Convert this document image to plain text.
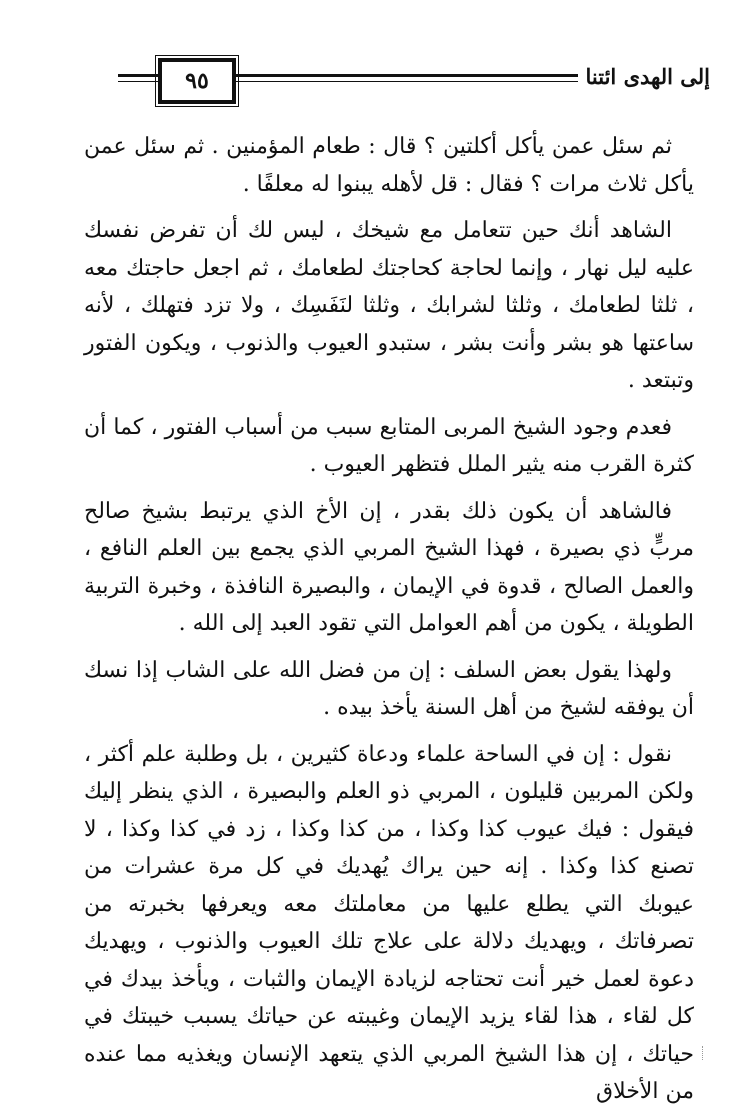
٩٥	إلى الهدى ائتنا

ثم سئل عمن يأكل أكلتين ؟ قال : طعام المؤمنين . ثم سئل عمن يأكل ثلاث مرات ؟ فقال : قل لأهله يبنوا له معلفًا .

الشاهد أنك حين تتعامل مع شيخك ، ليس لك أن تفرض نفسك عليه ليل نهار ، وإنما لحاجة كحاجتك لطعامك ، ثم اجعل حاجتك معه ، ثلثا لطعامك ، وثلثا لشرابك ، وثلثا لنَفَسِك ، ولا تزد فتهلك ، لأنه ساعتها هو بشر وأنت بشر ، ستبدو العيوب والذنوب ، ويكون الفتور وتبتعد .

فعدم وجود الشيخ المربى المتابع سبب من أسباب الفتور ، كما أن كثرة القرب منه يثير الملل فتظهر العيوب .

فالشاهد أن يكون ذلك بقدر ، إن الأخ الذي يرتبط بشيخ صالح مربٍّ ذي بصيرة ، فهذا الشيخ المربي الذي يجمع بين العلم النافع ، والعمل الصالح ، قدوة في الإيمان ، والبصيرة النافذة ، وخبرة التربية الطويلة ، يكون من أهم العوامل التي تقود العبد إلى الله .

ولهذا يقول بعض السلف : إن من فضل الله على الشاب إذا نسك أن يوفقه لشيخ من أهل السنة يأخذ بيده .

نقول : إن في الساحة علماء ودعاة كثيرين ، بل وطلبة علم أكثر ، ولكن المربين قليلون ، المربي ذو العلم والبصيرة ، الذي ينظر إليك فيقول : فيك عيوب كذا وكذا ، من كذا وكذا ، زد في كذا وكذا ، لا تصنع كذا وكذا . إنه حين يراك يُهديك في كل مرة عشرات من عيوبك التي يطلع عليها من معاملتك معه ويعرفها بخبرته من تصرفاتك ، ويهديك دلالة على علاج تلك العيوب والذنوب ، ويهديك دعوة لعمل خير أنت تحتاجه لزيادة الإيمان والثبات ، ويأخذ بيدك في كل لقاء ، هذا لقاء يزيد الإيمان وغيبته عن حياتك يسبب خيبتك في حياتك ، إن هذا الشيخ المربي الذي يتعهد الإنسان ويغذيه مما عنده من الأخلاق
